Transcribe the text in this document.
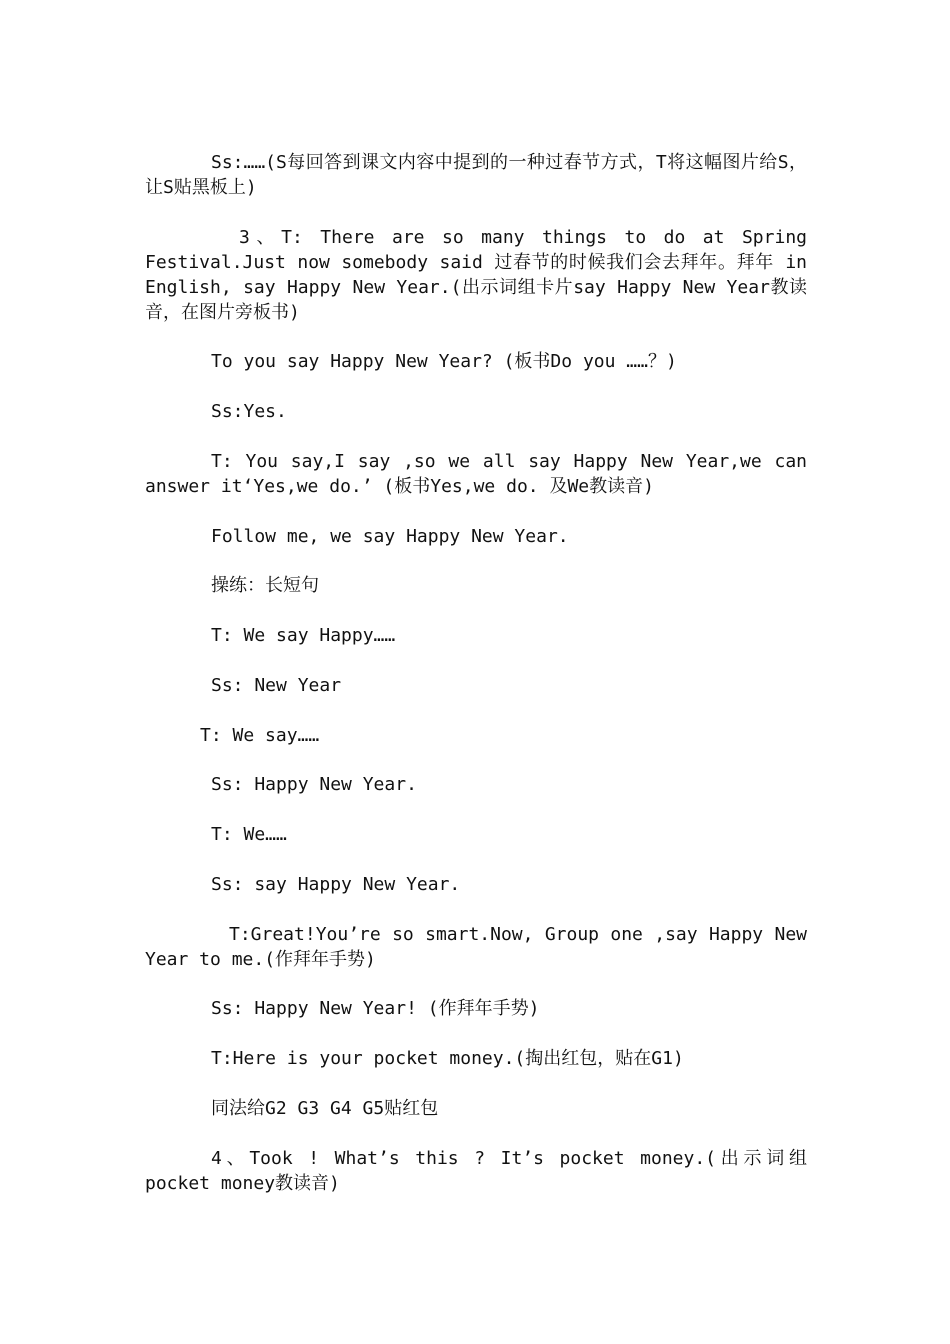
Ss:……(S每回答到课文内容中提到的一种过春节方式，T将这幅图片给S，让S贴黑板上)

3、T: There are so many things to do at Spring Festival.Just now somebody said 过春节的时候我们会去拜年。拜年 in English, say Happy New Year.(出示词组卡片say Happy New Year教读音，在图片旁板书)

To you say Happy New Year? (板书Do you ……？)

Ss:Yes.

T: You say,I say ,so we all say Happy New Year,we can answer it‘Yes,we do.’ (板书Yes,we do. 及We教读音)

Follow me, we say Happy New Year.

操练：长短句

T: We say Happy……

Ss: New Year

T: We say……

Ss: Happy New Year.

T: We……

Ss: say Happy New Year.

T:Great!You’re so smart.Now, Group one ,say Happy New Year to me.(作拜年手势)

Ss: Happy New Year! (作拜年手势)

T:Here is your pocket money.(掏出红包，贴在G1)

同法给G2 G3 G4 G5贴红包

4、Took ! What’s this ? It’s pocket money.(出示词组pocket money教读音)
